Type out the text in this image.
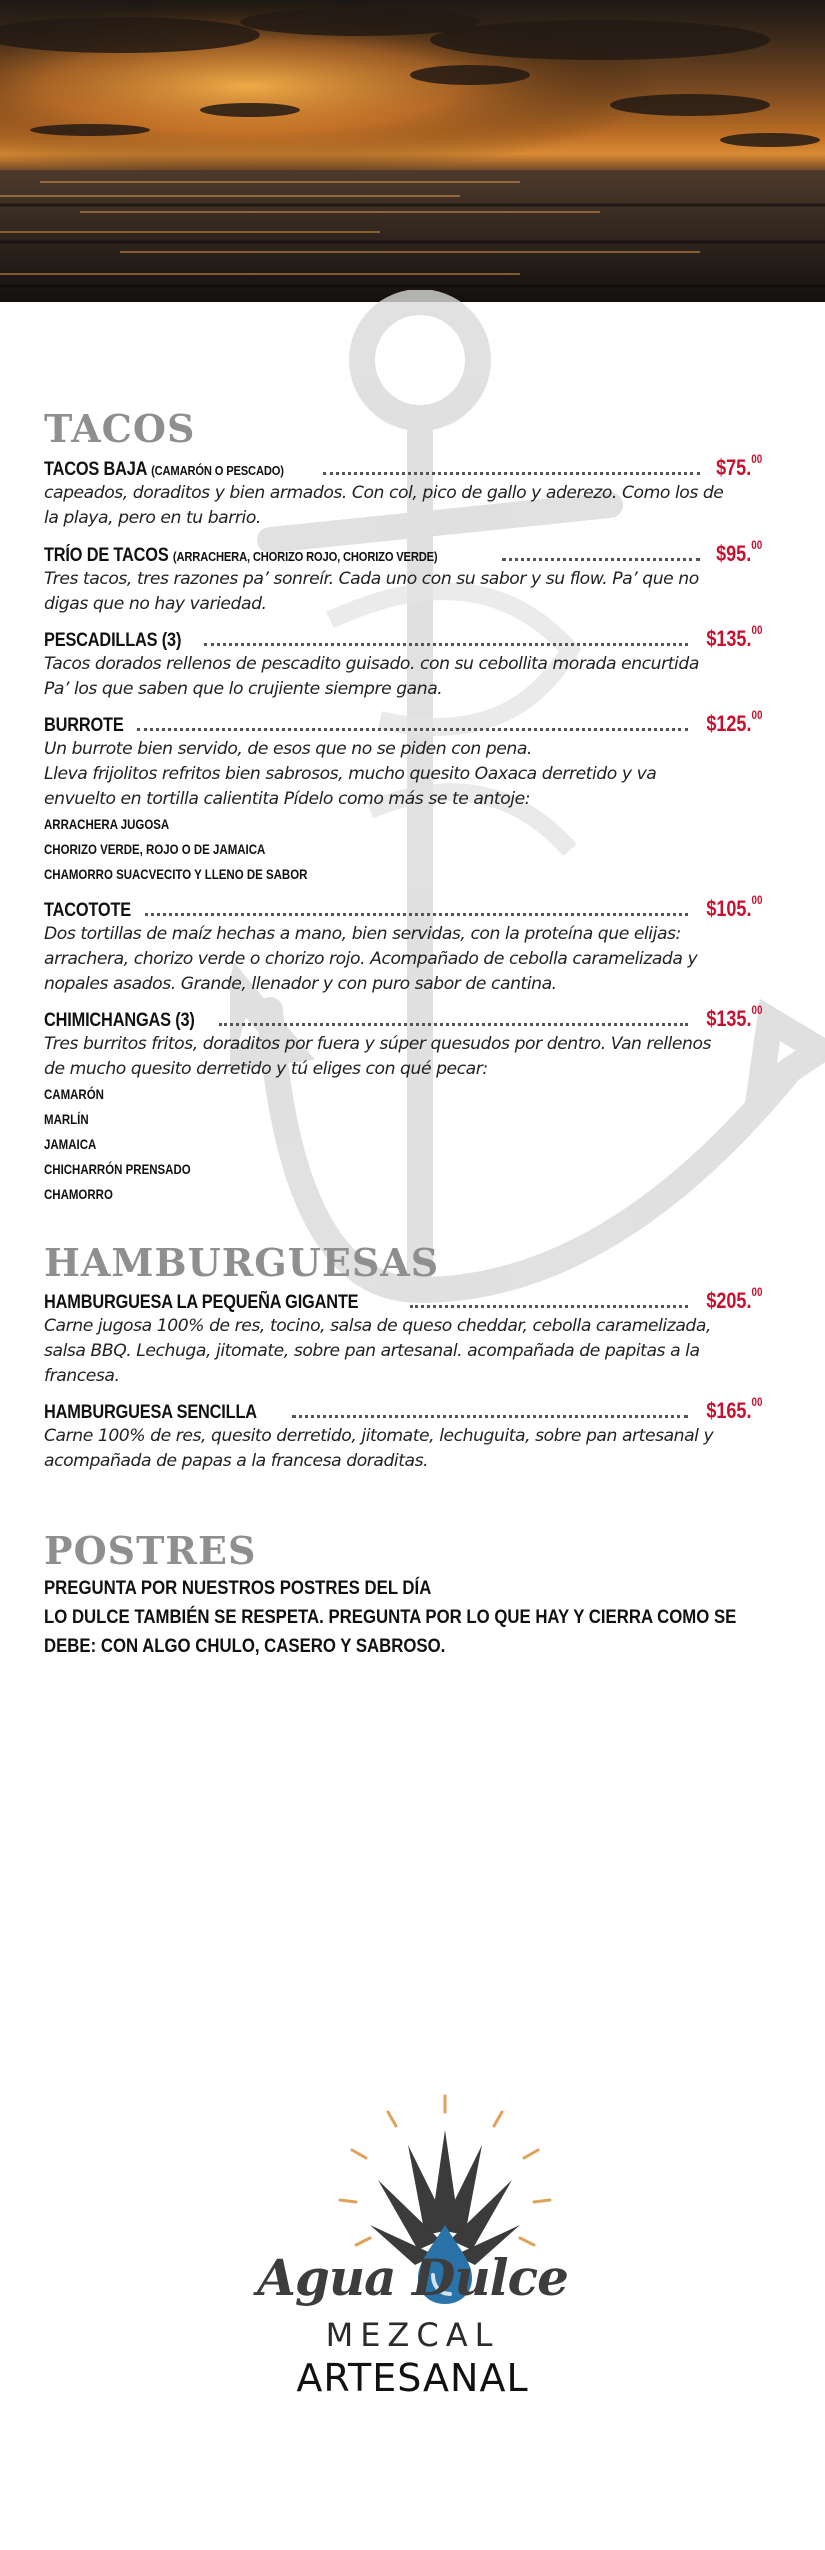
TACOS
TACOS BAJA (CAMARÓN O PESCADO)	$75.00

capeados, doraditos y bien armados. Con col, pico de gallo y aderezo. Como los de
la playa, pero en tu barrio.

TRÍO DE TACOS (ARRACHERA, CHORIZO ROJO, CHORIZO VERDE)	$95.00

Tres tacos, tres razones pa’ sonreír. Cada uno con su sabor y su flow. Pa’ que no
digas que no hay variedad.

PESCADILLAS (3)	$135.00

Tacos dorados rellenos de pescadito guisado. con su cebollita morada encurtida
Pa’ los que saben que lo crujiente siempre gana.

BURROTE	$125.00

Un burrote bien servido, de esos que no se piden con pena.
Lleva frijolitos refritos bien sabrosos, mucho quesito Oaxaca derretido y va
envuelto en tortilla calientita Pídelo como más se te antoje:

ARRACHERA JUGOSA
CHORIZO VERDE, ROJO O DE JAMAICA
CHAMORRO SUACVECITO Y LLENO DE SABOR
TACOTOTE	$105.00

Dos tortillas de maíz hechas a mano, bien servidas, con la proteína que elijas:
arrachera, chorizo verde o chorizo rojo. Acompañado de cebolla caramelizada y
nopales asados. Grande, llenador y con puro sabor de cantina.

CHIMICHANGAS (3)	$135.00

Tres burritos fritos, doraditos por fuera y súper quesudos por dentro. Van rellenos
de mucho quesito derretido y tú eliges con qué pecar:

CAMARÓN
MARLÍN
JAMAICA
CHICHARRÓN PRENSADO
CHAMORRO
HAMBURGUESAS
HAMBURGUESA LA PEQUEÑA GIGANTE	$205.00

Carne jugosa 100% de res, tocino, salsa de queso cheddar, cebolla caramelizada,
salsa BBQ. Lechuga, jitomate, sobre pan artesanal. acompañada de papitas a la
francesa.

HAMBURGUESA SENCILLA	$165.00

Carne 100% de res, quesito derretido, jitomate, lechuguita, sobre pan artesanal y
acompañada de papas a la francesa doraditas.

POSTRES
PREGUNTA POR NUESTROS POSTRES DEL DÍA
LO DULCE TAMBIÉN SE RESPETA. PREGUNTA POR LO QUE HAY Y CIERRA COMO SE
DEBE: CON ALGO CHULO, CASERO Y SABROSO.
Agua Dulce
MEZCAL
ARTESANAL
